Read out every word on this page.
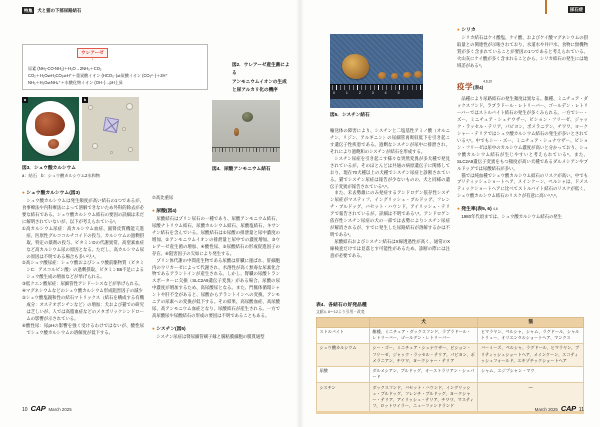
特集	犬と猫の下部尿路結石
ウレアーゼ
↓
尿素 (NH₂-CO-NH₂)＋H₂O→2NH₃＋CO₂
CO₂＋H₂O⇌H₂CO₃⇌H⁺＋重炭酸イオン (HCO₃⁻)⇌炭酸イオン (CO₃²⁻)＋2H⁺
NH₃＋H₂O⇌NH₄⁺＋水酸化物イオン (OH⁻)→pH上昇
図2．ウレアーゼ産生菌による
アンモニウムイオンの生成
と尿アルカリ化の機序
a	b
図3．シュウ酸カルシウム
a：結石　b：シュウ酸カルシウム2水和物
図4．尿酸アンモニウム結石
● シュウ酸カルシウム(図3)

シュウ酸カルシウムは発生頻度が高い結石の1つであるが、食事療法や内科療法によって溶解できないため外科的除去が必要な結石である。シュウ酸カルシウム結石の要因の詳細は未だに解明されていないが、以下が考えられている¹。

①高カルシウム尿症：高カルシウム血症、副腎皮質機能亢進症、医原性グルココルチコイドの投与、カルシウムの過剰摂取、特定の薬剤の投与、ビタミンDの代謝異常、高窒素血症など高カルシウム尿の原因となる。ただし、高カルシウム尿の原因は不明である場合も多い²,³,⁴。

②高シュウ酸尿症：シュウ酸およびシュウ酸前駆物質（ビタミンC：アスコルビン酸）の過剰摂取、ビタミンB6不足によるシュウ酸生成の増加などが挙げられる。

③低クエン酸尿症：尿細管性アシドーシスなどが挙げられる。

④マグネシウムなどのシュウ酸カルシウム形成阻害因子の減少

⑤シュウ酸塩親和性の結石マトリックス（結石を構成する有機成分：オステオポンチンなど）の増加：犬および猫での研究は乏しいが、人では高脂血症などのメタボリックシンドロームの影響が示されている。

⑥酸性尿：尿pHの影響を強く受けるわけではないが、酸性尿でシュウ酸カルシウムの溶解度が低下する。

⑦高比重尿

● 尿酸(図4)

尿酸結石はプリン尿石の一種であり、尿酸アンモニウム結石、尿酸ナトリウム結石、尿酸カルシウム結石、尿酸塩結石、キサンチン結石を含んでいる。尿酸結石は①尿酸の排泄量と尿中濃度の増加、②アンモニウムイオンの排泄量と尿中での濃度増加、③ウレアーゼ産生菌の増加、④酸性尿、⑤尿酸結石の形成促進因子の存在、⑥阻害因子の欠如により発生する。

プリン体代謝の中間産生物である尿酸は肝臓に運ばれ、肝細胞内のウリカーゼによって代謝され、水溶性が高く無毒な尿素化合物であるアラントインが産生される。しかし、腎臓の尿酸トランスポーターに欠損（SLC2A9遺伝子変異）がある場合、尿酸の尿中濃度が増加するため、高尿酸尿となる。また、門脈体循環シャントや肝不全があると、尿酸からアラントインへの変換、アンモニアの尿素への変換が低下する。その結果、高尿酸血症、高尿酸尿、高アンモニウム血症となり、尿酸結石が産生される。一方で高尿酸尿や尿酸結石の形成の要因は不明であることもある。

● シスチン(図5)

シスチン尿症は腎尿細管刷子縁と腸粘膜細胞の膜貫通型

10 CAP March 2025
尿石症
0 1 2 3 4 5
図5．シスチン結石

輸送体の障害により、シスチンと二塩基性アミノ酸（オルニチン、リジン、アルギニン）の尿細管再吸収低下を引き起こす遺伝子性疾患である。過剰なシスチンが尿中に排泄され、それにより過飽和のシスチンが結石を形成する。

シスチン尿症を引き起こす様々な突然変異が多犬種で発見されているが、そのほとんどは共通の病原遺伝子に関係しており、現在70犬種以上の犬種でシスチン尿症と診断されている。猫でシスチン尿症は報告が少ないものの、犬と同様の遺伝子変異が報告されている⁵,⁶。

また、未去勢雄にのみ発症するアンドロゲン依存性シスチン尿症がマスティフ、イングリッシュ・ブルドッグ、フレンチ・ブルドッグ、バセット・ハウンド、アイリッシュ・テリアで報告されているが、詳細は不明である⁷,⁸。アンドロゲン依存性シスチン尿症の犬の一部では去勢によりシスチン尿症が解消されるが、すでに発生した尿路結石が溶解するかは不明である⁹。

尿酸結石およびシスチン結石はX線透過性が高く、通常のX線検査だけでは見落とす可能性があるため、診断の際には注意が必要である。

● シリカ

シリカ結石はケイ酸塩、ケイ酸、およびケイ酸マグネシウムの摂取量との関連性が示唆されており、水道水や井戸水、食物に無機物質が多く含まれていることが要因の1つであると考えられている。火山灰にケイ酸が多く含まれることから、シリカ結石の発生には地域差がある⁴。

疫学(表4)$^{4,6,10}$

品種により尿路結石の発生頻度は異なる。雑種、ミニチュア・ダックスフンド、ラブラドール・レトリーバー、ゴールデン・レトリーバーではストルバイト結石の発生が多くみられる。一方でシー・ズー、ミニチュア・シュナウザー、ビション・フリーゼ、ジャック・ラッセル・テリア、パピヨン、ポメラニアン、チワワ、ヨークシャー・テリアではシュウ酸カルシウム結石の発生が多いとされている⁴,⁵。中でもシー・ズー、ミニチュア・シュナウザー、ビション・フリーゼは尿中のカルシウム濃度が高いと分かっており、シュウ酸カルシウム結石が生じやすいと考えられている⁶。また、SLC2A9遺伝子変異をもつ頻度が高い犬種であるダルメシアンやブルドッグでは尿酸結石が多い。

猫では純血種でシュウ酸カルシウム結石のリスクが高い。中でもブリティッシュショートヘア、メインクーン、ペルシャは、ドメスティックショートヘアに比べてストルバイト結石のリスクが低く、シュウ酸カルシウム結石のリスクが有意に高い⁴,⁵,⁶。

● 発生率(表5, 6) 4,6

1980年代頃までは、シュウ酸カルシウム結石の発生

表4．各結石の好発品種
文献4, 8〜12より引用・改変
	犬	猫
ストルバイト	雑種、ミニチュア・ダックスフンド、ラブラドール・レトリーバー、ゴールデン・レトリーバー	ヒマラヤン、ペルシャ、シャム、ラグドール、シャルトリュー、オリエンタルショートヘア、マンクス
シュウ酸カルシウム	シー・ズー、ミニチュア・シュナウザー、ビション・フリーゼ、ジャック・ラッセル・テリア、パピヨン、ポメラニアン、チワワ、ヨークシャー・テリア	バーミーズ、ペルシャ、ラグドール、ヒマラヤン、ブリティッシュショートヘア、メインクーン、スコティッシュフォールド、エキゾチックショートヘア
尿酸	ダルメシアン、ブルドッグ、オーストラリアン・シェパード	シャム、エジプシャン・マウ
シスチン	ダックスフンド、バセット・ハウンド、イングリッシュ・ブルドッグ、フレンチ・ブルドッグ、ヨークシャー・テリア、アイリッシュ・テリア、チワワ、マスティフ、ロットワイラー、ニューファンドランド	—
March 2025 CAP 11
